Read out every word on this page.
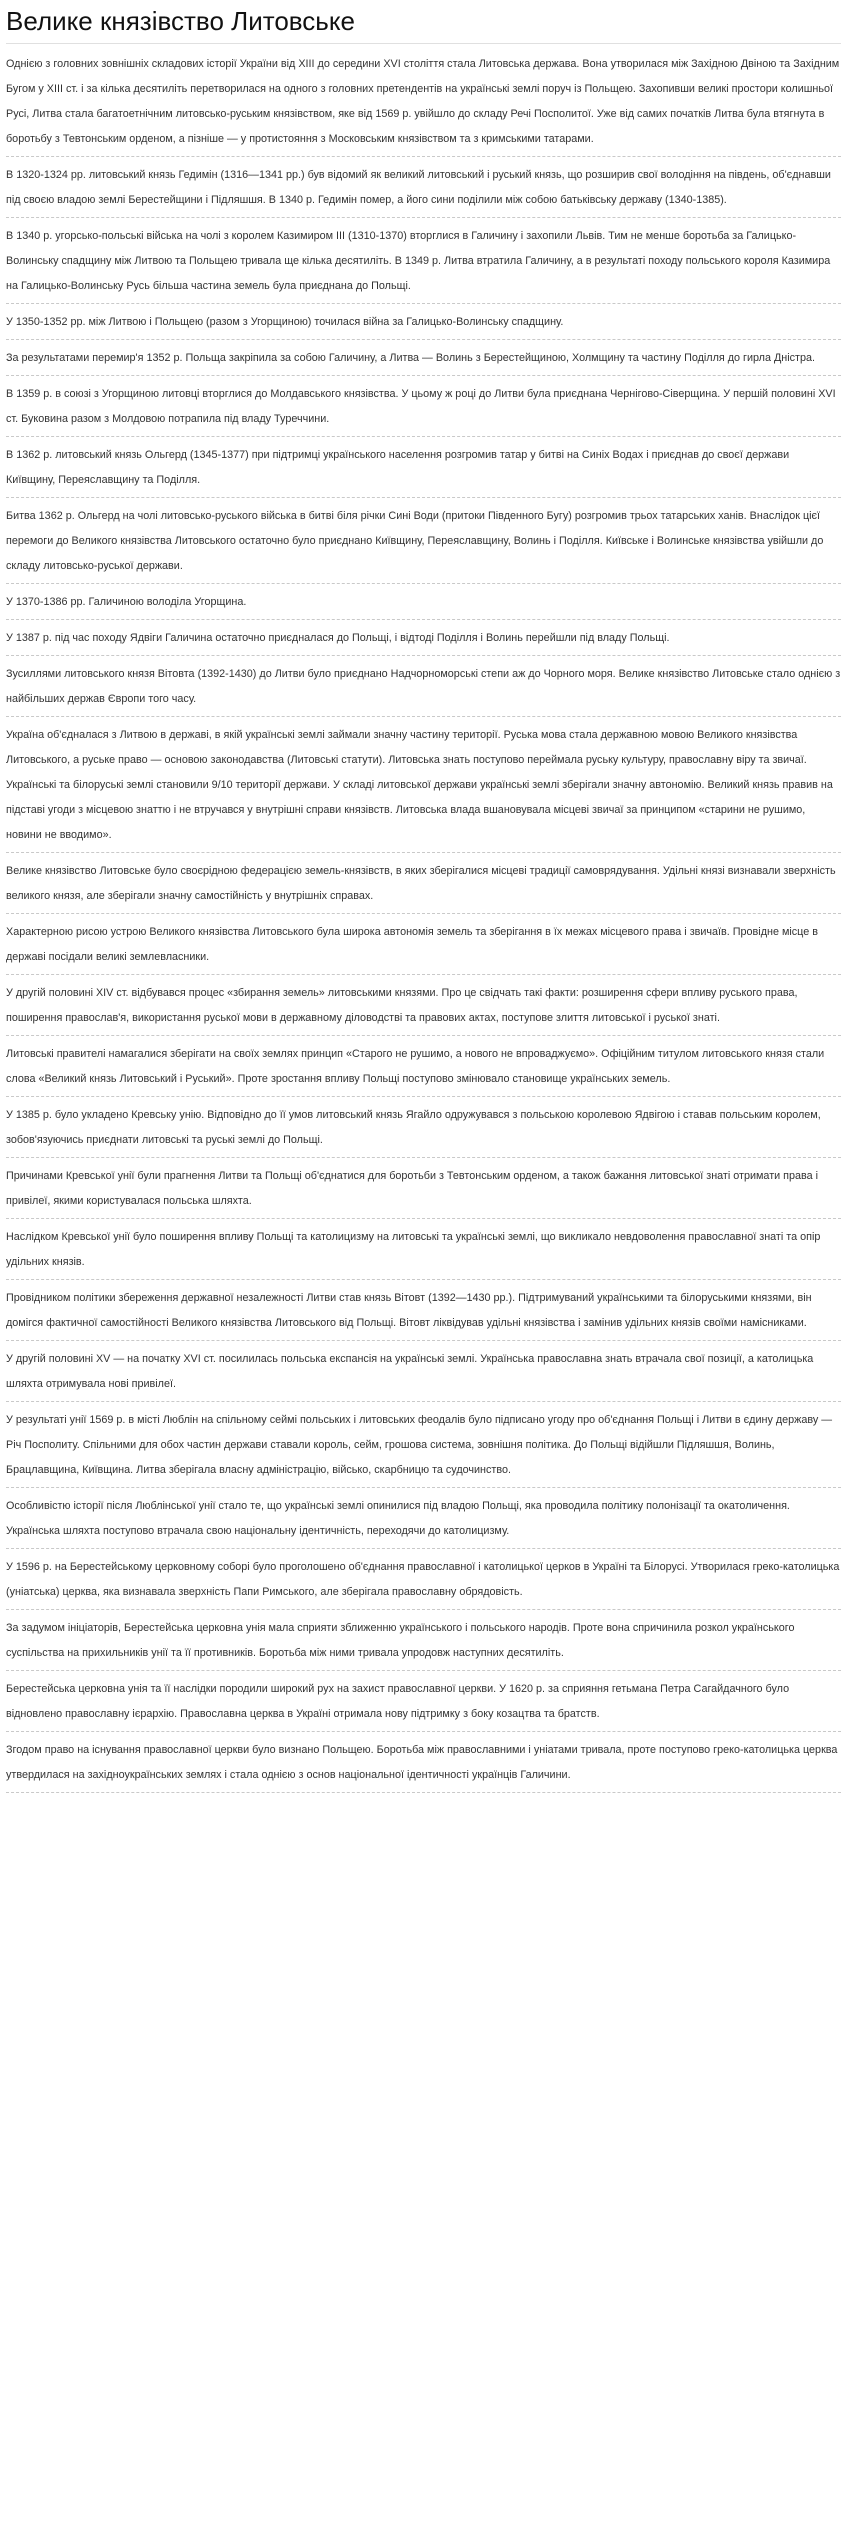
Велике князівство Литовське

Однією з головних зовнішніх складових історії України від XIII до середини XVI століття стала Литовська держава. Вона утворилася між Західною Двіною та Західним Бугом у XIII ст. і за кілька десятиліть перетворилася на одного з головних претендентів на українські землі поруч із Польщею. Захопивши великі простори колишньої Русі, Литва стала багатоетнічним литовсько-руським князівством, яке від 1569 р. увійшло до складу Речі Посполитої. Уже від самих початків Литва була втягнута в боротьбу з Тевтонським орденом, а пізніше — у протистояння з Московським князівством та з кримськими татарами.

В 1320-1324 рр. литовський князь Гедимін (1316—1341 рр.) був відомий як великий литовський і руський князь, що розширив свої володіння на південь, об'єднавши під своєю владою землі Берестейщини і Підляшшя. В 1340 р. Гедимін помер, а його сини поділили між собою батьківську державу (1340-1385).

В 1340 р. угорсько-польські війська на чолі з королем Казимиром III (1310-1370) вторглися в Галичину і захопили Львів. Тим не менше боротьба за Галицько-Волинську спадщину між Литвою та Польщею тривала ще кілька десятиліть. В 1349 р. Литва втратила Галичину, а в результаті походу польського короля Казимира на Галицько-Волинську Русь більша частина земель була приєднана до Польщі.

У 1350-1352 рр. між Литвою і Польщею (разом з Угорщиною) точилася війна за Галицько-Волинську спадщину.

За результатами перемир'я 1352 р. Польща закріпила за собою Галичину, а Литва — Волинь з Берестейщиною, Холмщину та частину Поділля до гирла Дністра.

В 1359 р. в союзі з Угорщиною литовці вторглися до Молдавського князівства. У цьому ж році до Литви була приєднана Чернігово-Сіверщина. У першій половині XVI ст. Буковина разом з Молдовою потрапила під владу Туреччини.

В 1362 р. литовський князь Ольгерд (1345-1377) при підтримці українського населення розгромив татар у битві на Синіх Водах і приєднав до своєї держави Київщину, Переяславщину та Поділля.

Битва 1362 р. Ольгерд на чолі литовсько-руського війська в битві біля річки Сині Води (притоки Південного Бугу) розгромив трьох татарських ханів. Внаслідок цієї перемоги до Великого князівства Литовського остаточно було приєднано Київщину, Переяславщину, Волинь і Поділля. Київське і Волинське князівства увійшли до складу литовсько-руської держави.

У 1370-1386 рр. Галичиною володіла Угорщина.

У 1387 р. під час походу Ядвіги Галичина остаточно приєдналася до Польщі, і відтоді Поділля і Волинь перейшли під владу Польщі.

Зусиллями литовського князя Вітовта (1392-1430) до Литви було приєднано Надчорноморські степи аж до Чорного моря. Велике князівство Литовське стало однією з найбільших держав Європи того часу.

Україна об'єдналася з Литвою в державі, в якій українські землі займали значну частину території. Руська мова стала державною мовою Великого князівства Литовського, а руське право — основою законодавства (Литовські статути). Литовська знать поступово переймала руську культуру, православну віру та звичаї. Українські та білоруські землі становили 9/10 території держави. У складі литовської держави українські землі зберігали значну автономію. Великий князь правив на підставі угоди з місцевою знаттю і не втручався у внутрішні справи князівств. Литовська влада вшановувала місцеві звичаї за принципом «старини не рушимо, новини не вводимо».

Велике князівство Литовське було своєрідною федерацією земель-князівств, в яких зберігалися місцеві традиції самоврядування. Удільні князі визнавали зверхність великого князя, але зберігали значну самостійність у внутрішніх справах.

Характерною рисою устрою Великого князівства Литовського була широка автономія земель та зберігання в їх межах місцевого права і звичаїв. Провідне місце в державі посідали великі землевласники.

У другій половині XIV ст. відбувався процес «збирання земель» литовськими князями. Про це свідчать такі факти: розширення сфери впливу руського права, поширення православ'я, використання руської мови в державному діловодстві та правових актах, поступове злиття литовської і руської знаті.

Литовські правителі намагалися зберігати на своїх землях принцип «Старого не рушимо, а нового не впроваджуємо». Офіційним титулом литовського князя стали слова «Великий князь Литовський і Руський». Проте зростання впливу Польщі поступово змінювало становище українських земель.

У 1385 р. було укладено Кревську унію. Відповідно до її умов литовський князь Ягайло одружувався з польською королевою Ядвігою і ставав польським королем, зобов'язуючись приєднати литовські та руські землі до Польщі.

Причинами Кревської унії були прагнення Литви та Польщі об'єднатися для боротьби з Тевтонським орденом, а також бажання литовської знаті отримати права і привілеї, якими користувалася польська шляхта.

Наслідком Кревської унії було поширення впливу Польщі та католицизму на литовські та українські землі, що викликало невдоволення православної знаті та опір удільних князів.

Провідником політики збереження державної незалежності Литви став князь Вітовт (1392—1430 рр.). Підтримуваний українськими та білоруськими князями, він домігся фактичної самостійності Великого князівства Литовського від Польщі. Вітовт ліквідував удільні князівства і замінив удільних князів своїми намісниками.

У другій половині XV — на початку XVI ст. посилилась польська експансія на українські землі. Українська православна знать втрачала свої позиції, а католицька шляхта отримувала нові привілеї.

У результаті унії 1569 р. в місті Люблін на спільному сеймі польських і литовських феодалів було підписано угоду про об'єднання Польщі і Литви в єдину державу — Річ Посполиту. Спільними для обох частин держави ставали король, сейм, грошова система, зовнішня політика. До Польщі відійшли Підляшшя, Волинь, Брацлавщина, Київщина. Литва зберігала власну адміністрацію, військо, скарбницю та судочинство.

Особливістю історії після Люблінської унії стало те, що українські землі опинилися під владою Польщі, яка проводила політику полонізації та окатоличення. Українська шляхта поступово втрачала свою національну ідентичність, переходячи до католицизму.

У 1596 р. на Берестейському церковному соборі було проголошено об'єднання православної і католицької церков в Україні та Білорусі. Утворилася греко-католицька (уніатська) церква, яка визнавала зверхність Папи Римського, але зберігала православну обрядовість.

За задумом ініціаторів, Берестейська церковна унія мала сприяти зближенню українського і польського народів. Проте вона спричинила розкол українського суспільства на прихильників унії та її противників. Боротьба між ними тривала упродовж наступних десятиліть.

Берестейська церковна унія та її наслідки породили широкий рух на захист православної церкви. У 1620 р. за сприяння гетьмана Петра Сагайдачного було відновлено православну ієрархію. Православна церква в Україні отримала нову підтримку з боку козацтва та братств.

Згодом право на існування православної церкви було визнано Польщею. Боротьба між православними і уніатами тривала, проте поступово греко-католицька церква утвердилася на західноукраїнських землях і стала однією з основ національної ідентичності українців Галичини.
